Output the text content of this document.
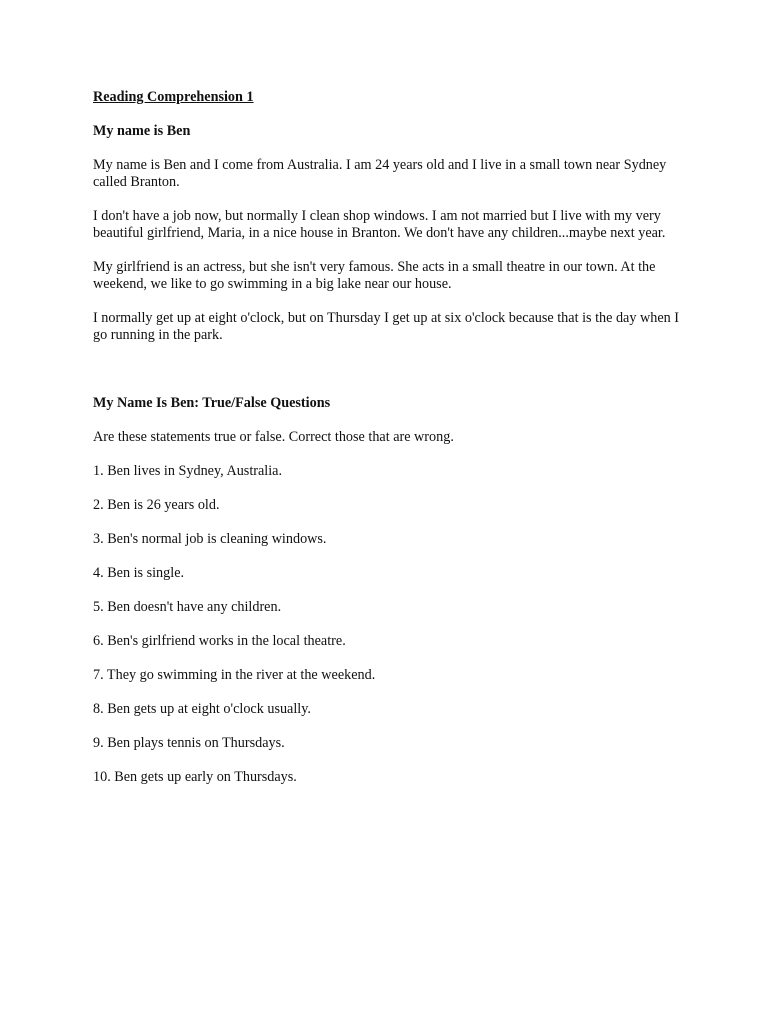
Reading Comprehension 1

My name is Ben

My name is Ben and I come from Australia. I am 24 years old and I live in a small town near Sydney called Branton.

I don't have a job now, but normally I clean shop windows. I am not married but I live with my very beautiful girlfriend, Maria, in a nice house in Branton. We don't have any children...maybe next year.

My girlfriend is an actress, but she isn't very famous. She acts in a small theatre in our town. At the weekend, we like to go swimming in a big lake near our house.

I normally get up at eight o'clock, but on Thursday I get up at six o'clock because that is the day when I go running in the park.

My Name Is Ben: True/False Questions

Are these statements true or false. Correct those that are wrong.

1. Ben lives in Sydney, Australia.

2. Ben is 26 years old.

3. Ben's normal job is cleaning windows.

4. Ben is single.

5. Ben doesn't have any children.

6. Ben's girlfriend works in the local theatre.

7. They go swimming in the river at the weekend.

8. Ben gets up at eight o'clock usually.

9. Ben plays tennis on Thursdays.

10. Ben gets up early on Thursdays.
